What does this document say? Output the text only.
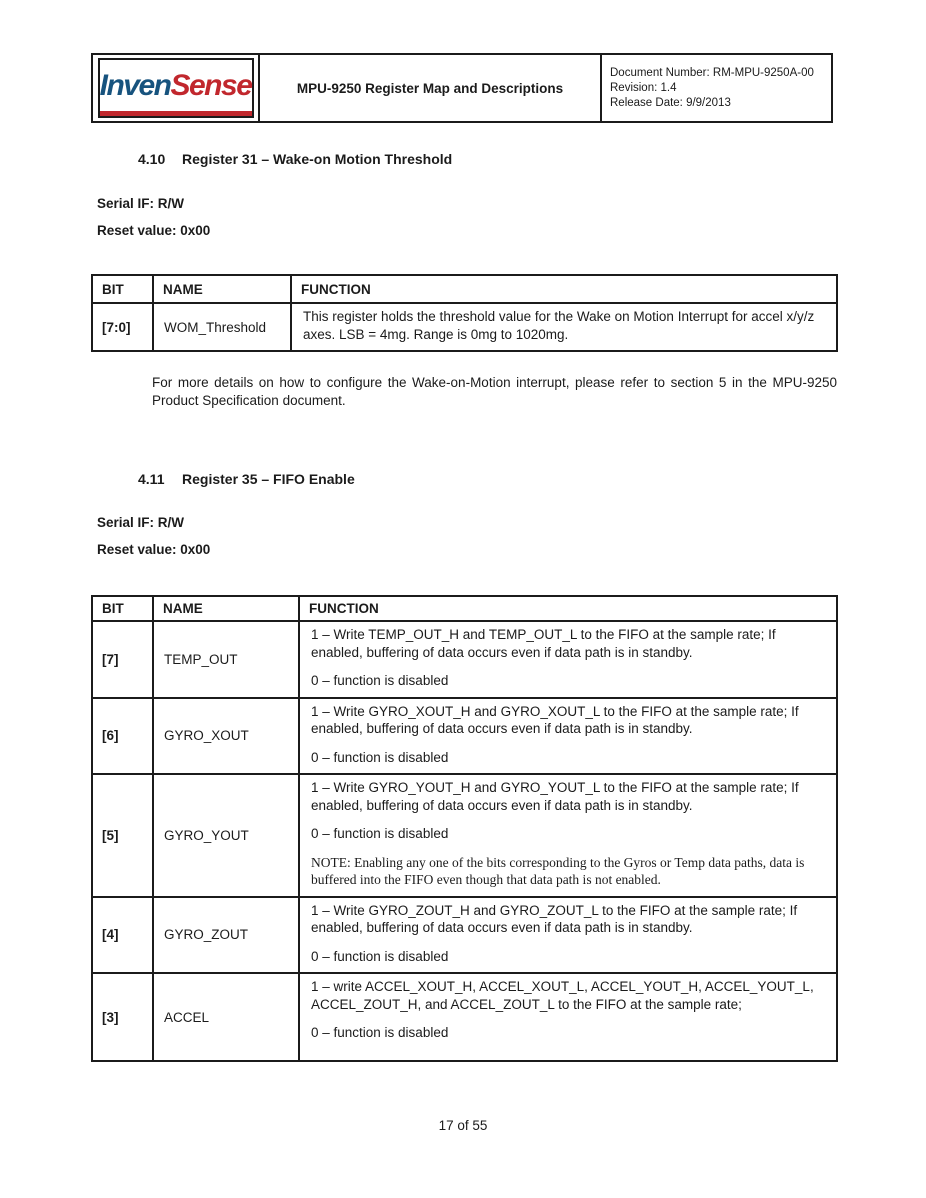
Inven Sense	MPU-9250 Register Map and Descriptions
Document Number: RM-MPU-9250A-00
Revision: 1.4
Release Date: 9/9/2013
4.10 Register 31 – Wake-on Motion Threshold
Serial IF: R/W
Reset value: 0x00
BIT	NAME	FUNCTION
[7:0]	WOM_Threshold	This register holds the threshold value for the Wake on Motion Interrupt for accel x/y/z axes. LSB = 4mg. Range is 0mg to 1020mg.

For more details on how to configure the Wake-on-Motion interrupt, please refer to section 5 in the MPU-9250 Product Specification document.
4.11 Register 35 – FIFO Enable
Serial IF: R/W
Reset value: 0x00
BIT	NAME	FUNCTION
[7]	TEMP_OUT	1 – Write TEMP_OUT_H and TEMP_OUT_L to the FIFO at the sample rate; If enabled, buffering of data occurs even if data path is in standby.

0 – function is disabled

[6]	GYRO_XOUT	1 – Write GYRO_XOUT_H and GYRO_XOUT_L to the FIFO at the sample rate; If enabled, buffering of data occurs even if data path is in standby.

0 – function is disabled

[5]	GYRO_YOUT	1 – Write GYRO_YOUT_H and GYRO_YOUT_L to the FIFO at the sample rate; If enabled, buffering of data occurs even if data path is in standby.

0 – function is disabled

NOTE: Enabling any one of the bits corresponding to the Gyros or Temp data paths, data is buffered into the FIFO even though that data path is not enabled.

[4]	GYRO_ZOUT	1 – Write GYRO_ZOUT_H and GYRO_ZOUT_L to the FIFO at the sample rate; If enabled, buffering of data occurs even if data path is in standby.

0 – function is disabled

[3]	ACCEL	1 – write ACCEL_XOUT_H, ACCEL_XOUT_L, ACCEL_YOUT_H, ACCEL_YOUT_L, ACCEL_ZOUT_H, and ACCEL_ZOUT_L to the FIFO at the sample rate;

0 – function is disabled

17 of 55
